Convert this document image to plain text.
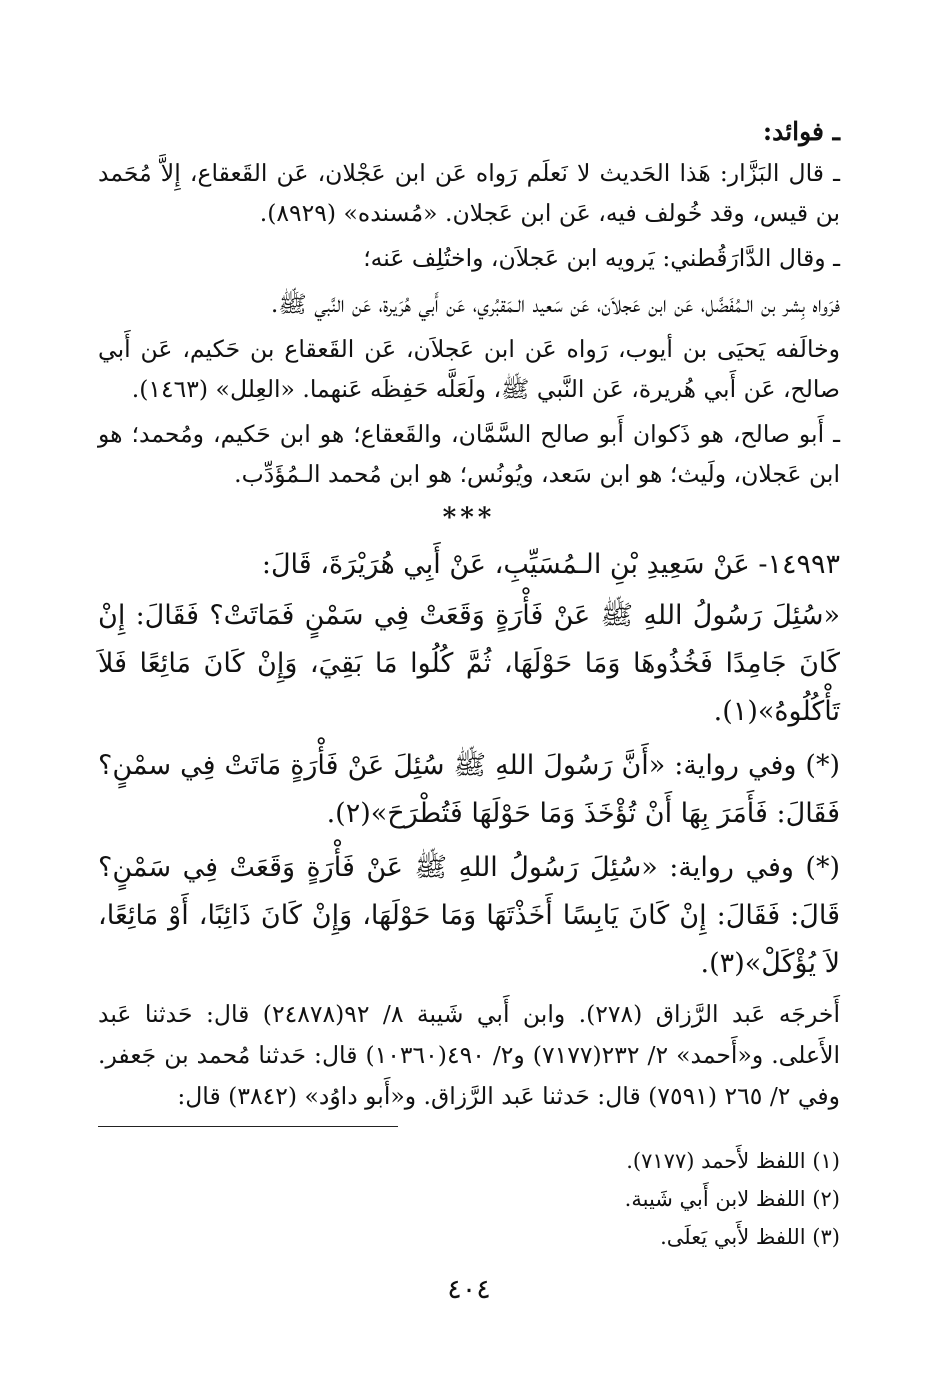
ـ فوائد:

ـ قال البَزَّار: هَذا الحَديث لا نَعلَم رَواه عَن ابن عَجْلان، عَن القَعقاع، إِلاَّ مُحَمد بن قيس، وقد خُولف فيه، عَن ابن عَجلان. «مُسنده» (٨٩٢٩).

ـ وقال الدَّارَقُطني: يَرويه ابن عَجلاَن، واختُلِف عَنه؛

فرَواه بِشر بن الـمُفَضَّل، عَن ابن عَجلاَن، عَن سَعيد الـمَقبُري، عَن أَبي هُرَيرة، عَن النَّبي ﷺ.

وخالَفه يَحيَى بن أيوب، رَواه عَن ابن عَجلاَن، عَن القَعقاع بن حَكيم، عَن أَبي صالح، عَن أَبي هُريرة، عَن النَّبي ﷺ، ولَعَلَّه حَفِظَه عَنهما. «العِلل» (١٤٦٣).

ـ أَبو صالح، هو ذَكوان أَبو صالح السَّمَّان، والقَعقاع؛ هو ابن حَكيم، ومُحمد؛ هو ابن عَجلان، ولَيث؛ هو ابن سَعد، ويُونُس؛ هو ابن مُحمد الـمُؤَدِّب.

***

١٤٩٩٣- عَنْ سَعِيدِ بْنِ الـمُسَيِّبِ، عَنْ أَبِي هُرَيْرَةَ، قَالَ:

«سُئِلَ رَسُولُ اللهِ ﷺ عَنْ فَأْرَةٍ وَقَعَتْ فِي سَمْنٍ فَمَاتَتْ؟ فَقَالَ: إِنْ كَانَ جَامِدًا فَخُذُوهَا وَمَا حَوْلَهَا، ثُمَّ كُلُوا مَا بَقِيَ، وَإِنْ كَانَ مَائِعًا فَلاَ تَأْكُلُوهُ»(١).

(*) وفي رواية: «أَنَّ رَسُولَ اللهِ ﷺ سُئِلَ عَنْ فَأْرَةٍ مَاتَتْ فِي سمْنٍ؟ فَقَالَ: فَأَمَرَ بِهَا أَنْ تُؤْخَذَ وَمَا حَوْلَهَا فَتُطْرَحَ»(٢).

(*) وفي رواية: «سُئِلَ رَسُولُ اللهِ ﷺ عَنْ فَأْرَةٍ وَقَعَتْ فِي سَمْنٍ؟ قَالَ: فَقَالَ: إِنْ كَانَ يَابِسًا أَخَذْتَهَا وَمَا حَوْلَهَا، وَإِنْ كَانَ ذَائِبًا، أَوْ مَائِعًا، لاَ يُؤْكَلْ»(٣).

أَخرجَه عَبد الرَّزاق (٢٧٨). وابن أَبي شَيبة ٨/ ٩٢(٢٤٨٧٨) قال: حَدثنا عَبد الأَعلى. و«أَحمد» ٢/ ٢٣٢(٧١٧٧) و٢/ ٤٩٠(١٠٣٦٠) قال: حَدثنا مُحمد بن جَعفر. وفي ٢/ ٢٦٥ (٧٥٩١) قال: حَدثنا عَبد الرَّزاق. و«أَبو داوُد» (٣٨٤٢) قال:

(١) اللفظ لأَحمد (٧١٧٧).
(٢) اللفظ لابن أَبي شَيبة.
(٣) اللفظ لأَبي يَعلَى.
٤٠٤
